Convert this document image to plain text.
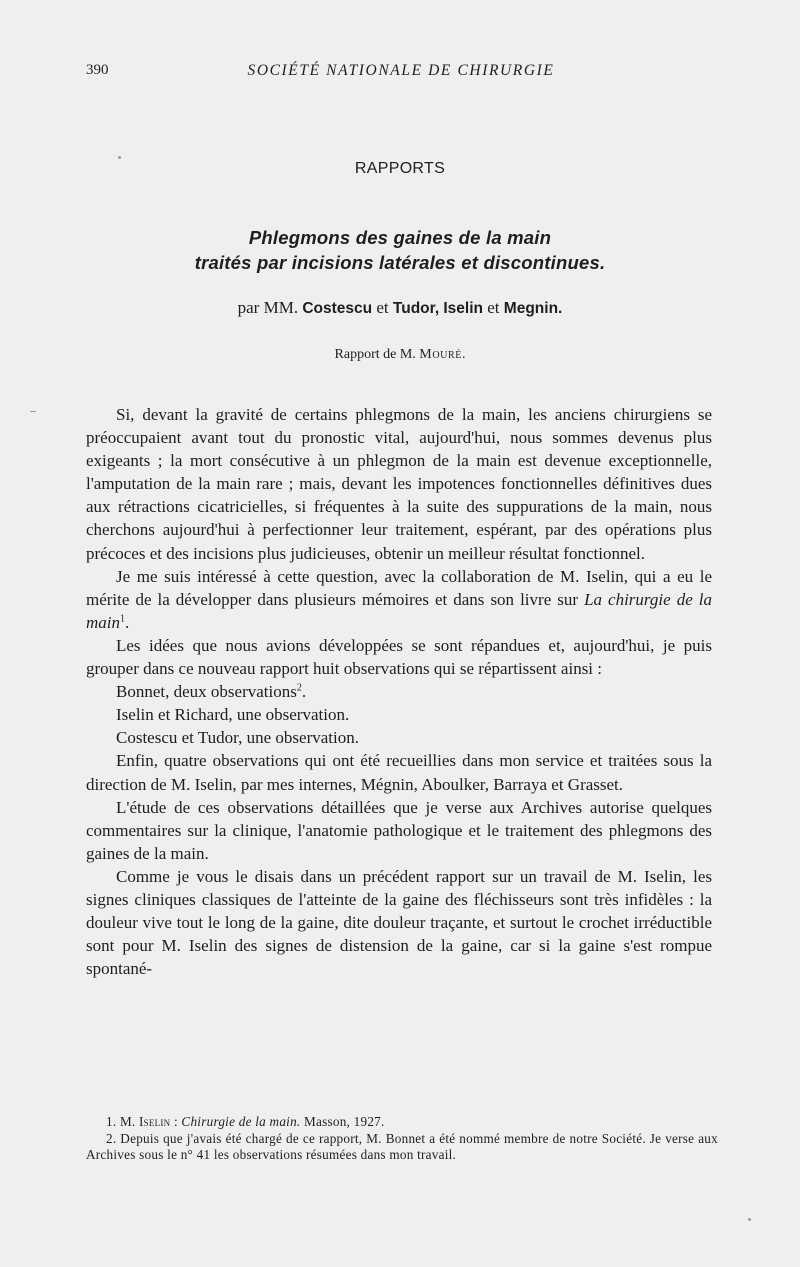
390	SOCIÉTÉ NATIONALE DE CHIRURGIE
RAPPORTS
Phlegmons des gaines de la main
traités par incisions latérales et discontinues.
par MM. Costescu et Tudor, Iselin et Megnin.
Rapport de M. Mouré.

Si, devant la gravité de certains phlegmons de la main, les anciens chirurgiens se préoccupaient avant tout du pronostic vital, aujourd'hui, nous sommes devenus plus exigeants ; la mort consécutive à un phlegmon de la main est devenue exceptionnelle, l'amputation de la main rare ; mais, devant les impotences fonctionnelles définitives dues aux rétractions cicatricielles, si fréquentes à la suite des suppurations de la main, nous cherchons aujourd'hui à perfectionner leur traitement, espérant, par des opérations plus précoces et des incisions plus judicieuses, obtenir un meilleur résultat fonctionnel.

Je me suis intéressé à cette question, avec la collaboration de M. Iselin, qui a eu le mérite de la développer dans plusieurs mémoires et dans son livre sur La chirurgie de la main$^1$.

Les idées que nous avions développées se sont répandues et, aujourd'hui, je puis grouper dans ce nouveau rapport huit observations qui se répartissent ainsi :

Bonnet, deux observations$^2$.

Iselin et Richard, une observation.

Costescu et Tudor, une observation.

Enfin, quatre observations qui ont été recueillies dans mon service et traitées sous la direction de M. Iselin, par mes internes, Mégnin, Aboulker, Barraya et Grasset.

L'étude de ces observations détaillées que je verse aux Archives autorise quelques commentaires sur la clinique, l'anatomie pathologique et le traitement des phlegmons des gaines de la main.

Comme je vous le disais dans un précédent rapport sur un travail de M. Iselin, les signes cliniques classiques de l'atteinte de la gaine des fléchisseurs sont très infidèles : la douleur vive tout le long de la gaine, dite douleur traçante, et surtout le crochet irréductible sont pour M. Iselin des signes de distension de la gaine, car si la gaine s'est rompue spontané-

1. M. Iselin : Chirurgie de la main. Masson, 1927.

2. Depuis que j'avais été chargé de ce rapport, M. Bonnet a été nommé membre de notre Société. Je verse aux Archives sous le n° 41 les observations résumées dans mon travail.
